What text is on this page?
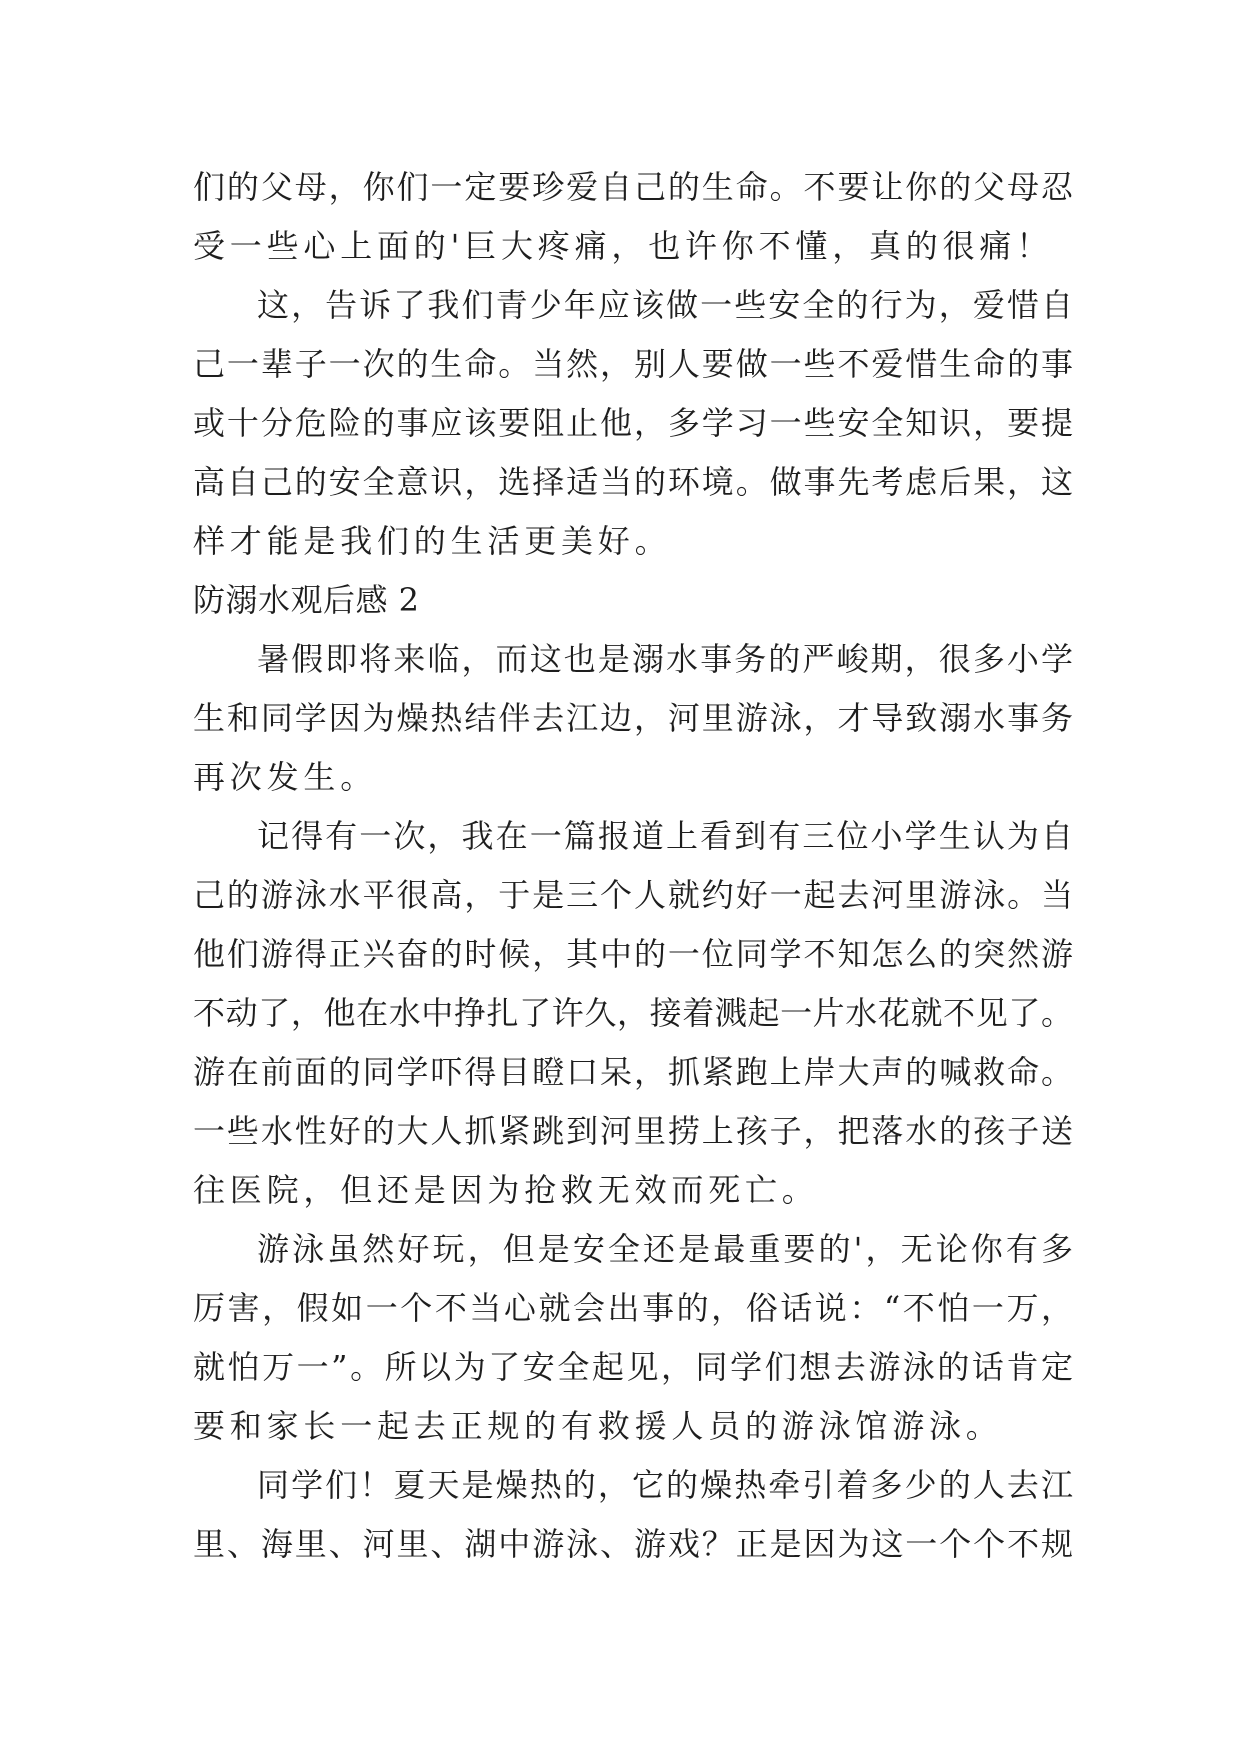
们的父母，你们一定要珍爱自己的生命。不要让你的父母忍
受一些心上面的'巨大疼痛，也许你不懂，真的很痛！
这，告诉了我们青少年应该做一些安全的行为，爱惜自
己一辈子一次的生命。当然，别人要做一些不爱惜生命的事
或十分危险的事应该要阻止他，多学习一些安全知识，要提
高自己的安全意识，选择适当的环境。做事先考虑后果，这
样才能是我们的生活更美好。
防溺水观后感 2
暑假即将来临，而这也是溺水事务的严峻期，很多小学
生和同学因为燥热结伴去江边，河里游泳，才导致溺水事务
再次发生。
记得有一次，我在一篇报道上看到有三位小学生认为自
己的游泳水平很高，于是三个人就约好一起去河里游泳。当
他们游得正兴奋的时候，其中的一位同学不知怎么的突然游
不动了，他在水中挣扎了许久，接着溅起一片水花就不见了。
游在前面的同学吓得目瞪口呆，抓紧跑上岸大声的喊救命。
一些水性好的大人抓紧跳到河里捞上孩子，把落水的孩子送
往医院，但还是因为抢救无效而死亡。
游泳虽然好玩，但是安全还是最重要的'，无论你有多
厉害，假如一个不当心就会出事的，俗话说：“不怕一万，
就怕万一”。所以为了安全起见，同学们想去游泳的话肯定
要和家长一起去正规的有救援人员的游泳馆游泳。
同学们！夏天是燥热的，它的燥热牵引着多少的人去江
里、海里、河里、湖中游泳、游戏？正是因为这一个个不规
